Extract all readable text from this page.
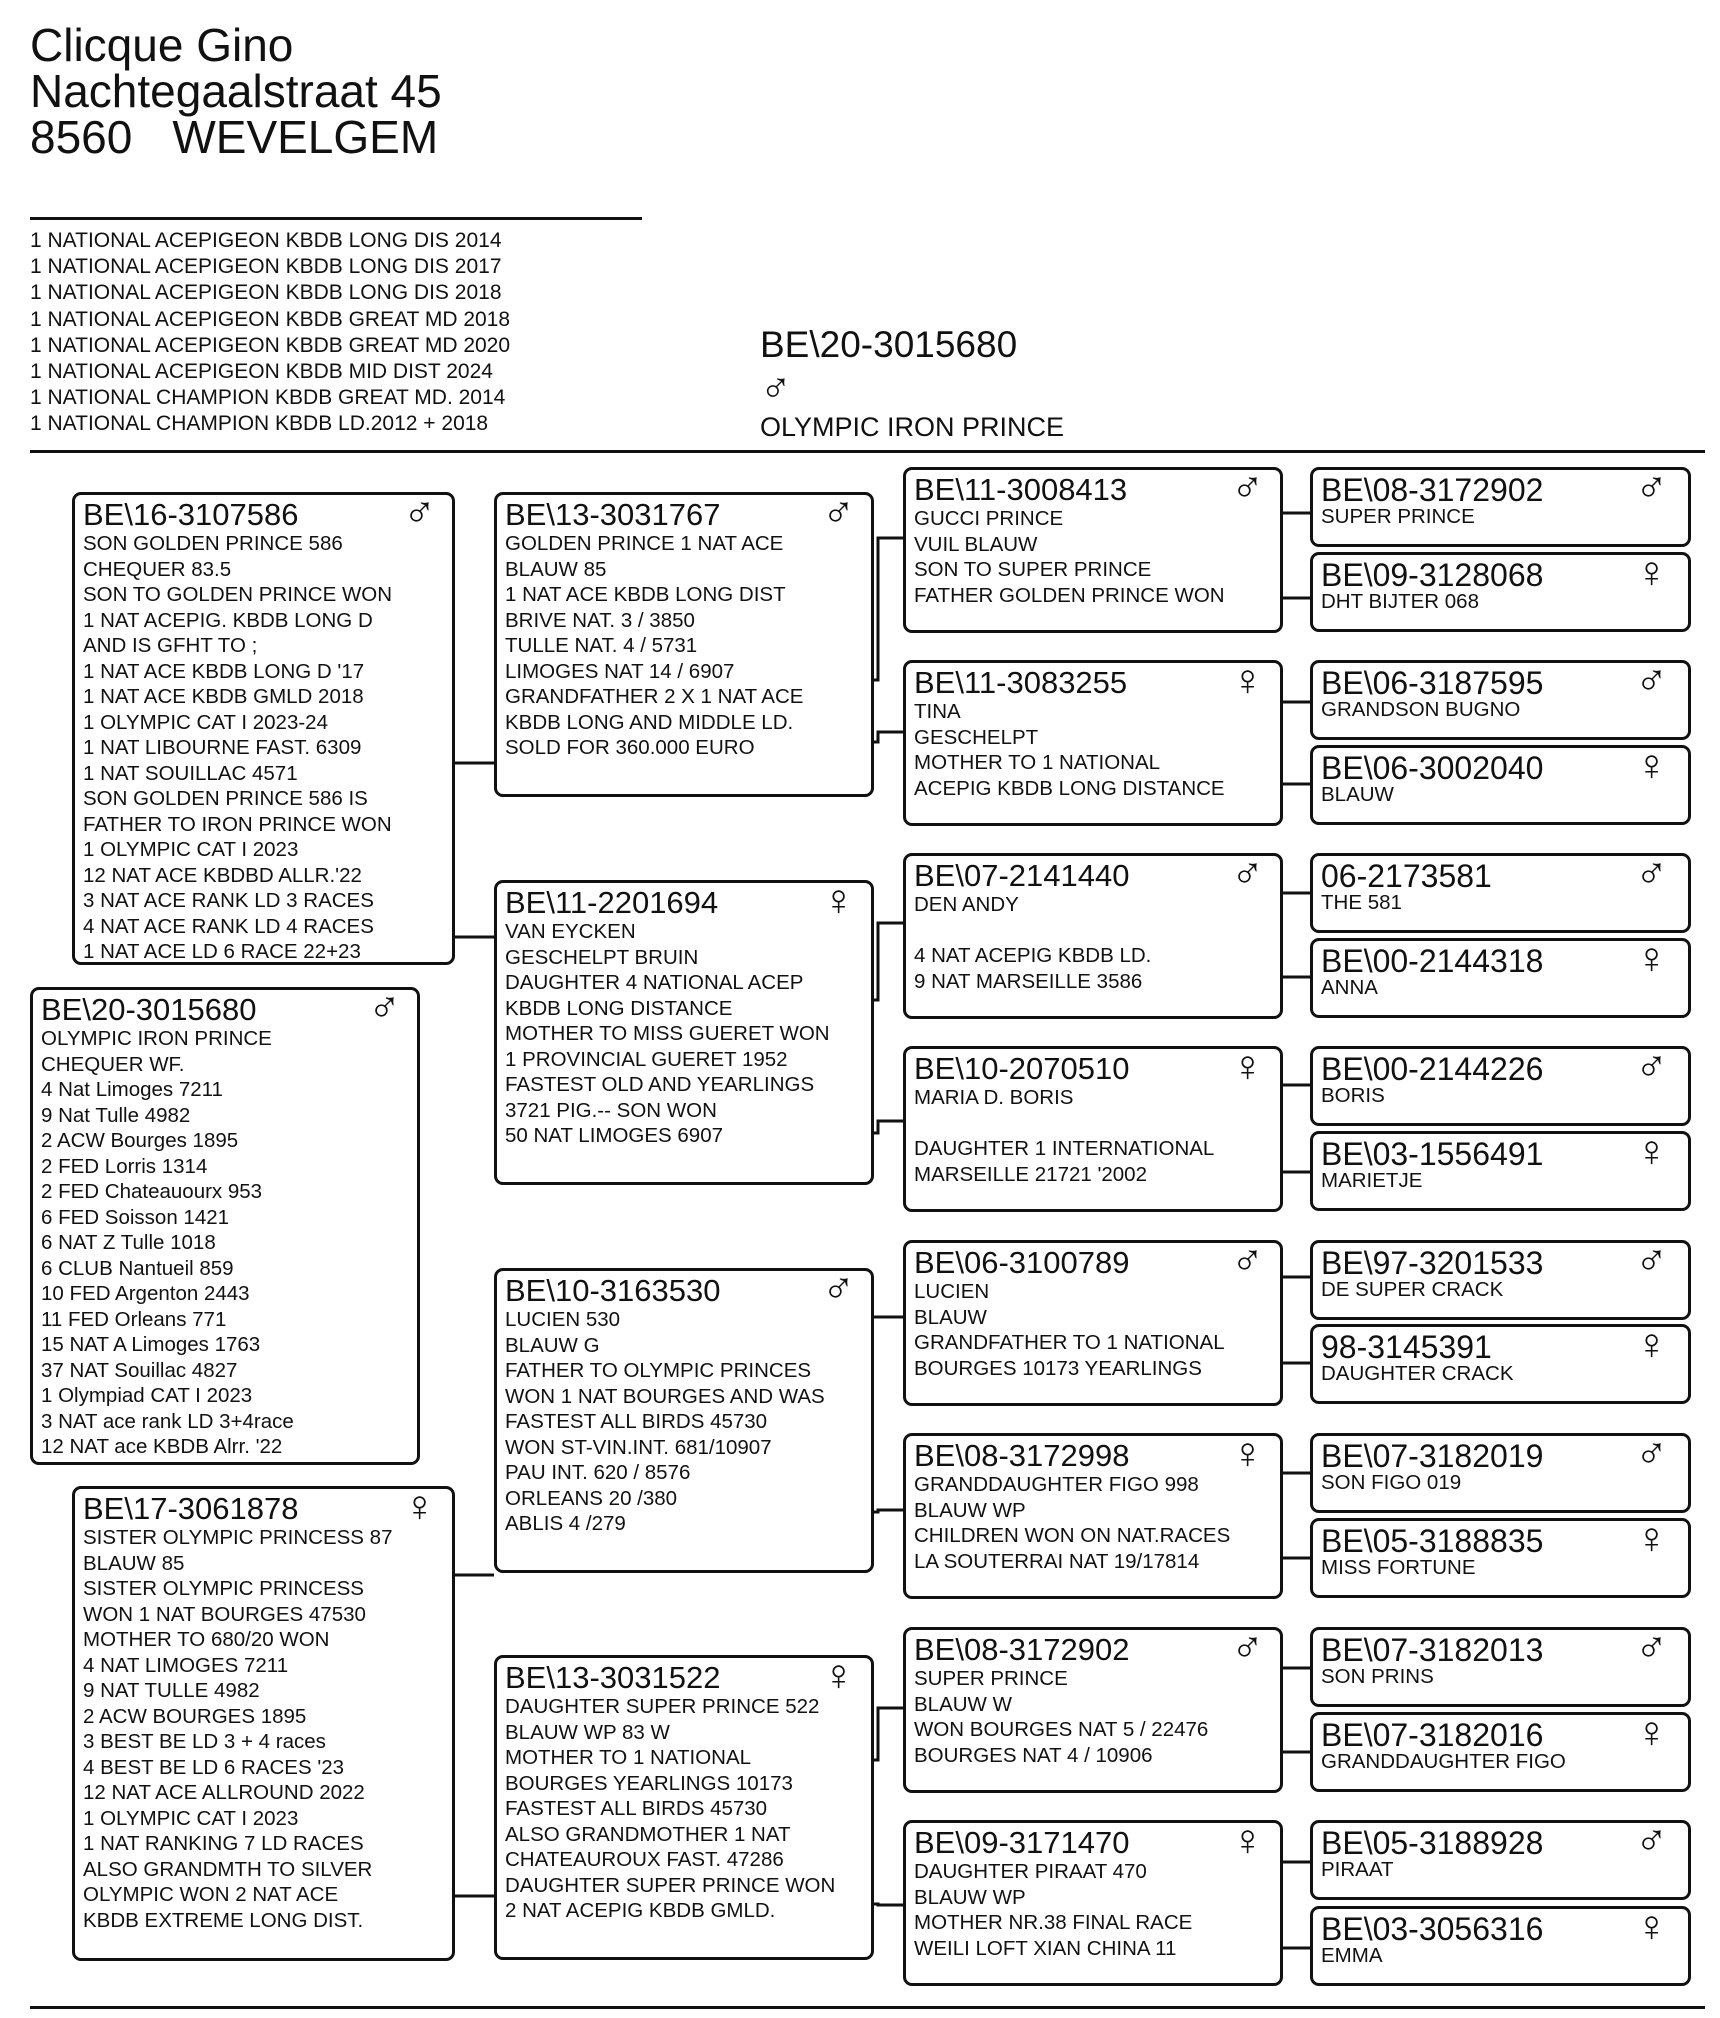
Clicque Gino
Nachtegaalstraat 45
8560 WEVELGEM
1 NATIONAL ACEPIGEON KBDB LONG DIS 2014
1 NATIONAL ACEPIGEON KBDB LONG DIS 2017
1 NATIONAL ACEPIGEON KBDB LONG DIS 2018
1 NATIONAL ACEPIGEON KBDB GREAT MD 2018
1 NATIONAL ACEPIGEON KBDB GREAT MD 2020
1 NATIONAL ACEPIGEON KBDB MID DIST 2024
1 NATIONAL CHAMPION KBDB GREAT MD. 2014
1 NATIONAL CHAMPION KBDB LD.2012 + 2018
BE\20-3015680
♂
OLYMPIC IRON PRINCE
BE\16-3107586 ♂
SON GOLDEN PRINCE 586
CHEQUER 83.5
SON TO GOLDEN PRINCE WON
1 NAT ACEPIG. KBDB LONG D
AND IS GFHT TO ;
1 NAT ACE KBDB LONG D '17
1 NAT ACE KBDB GMLD 2018
1 OLYMPIC CAT I 2023-24
1 NAT LIBOURNE FAST. 6309
1 NAT SOUILLAC 4571
SON GOLDEN PRINCE 586 IS
FATHER TO IRON PRINCE WON
1 OLYMPIC CAT I 2023
12 NAT ACE KBDBD ALLR.'22
3 NAT ACE RANK LD 3 RACES
4 NAT ACE RANK LD 4 RACES
1 NAT ACE LD 6 RACE 22+23
BE\20-3015680	♂
OLYMPIC IRON PRINCE
CHEQUER WF.
4 Nat Limoges 7211
9 Nat Tulle 4982
2 ACW Bourges 1895
2 FED Lorris 1314
2 FED Chateauourx 953
6 FED Soisson 1421
6 NAT Z Tulle 1018
6 CLUB Nantueil 859
10 FED Argenton 2443
11 FED Orleans 771
15 NAT A Limoges 1763
37 NAT Souillac 4827
1 Olympiad CAT I 2023
3 NAT ace rank LD 3+4race
12 NAT ace KBDB Alrr. '22
BE\17-3061878 ♀
SISTER OLYMPIC PRINCESS 87
BLAUW 85
SISTER OLYMPIC PRINCESS
WON 1 NAT BOURGES 47530
MOTHER TO 680/20 WON
4 NAT LIMOGES 7211
9 NAT TULLE 4982
2 ACW BOURGES 1895
3 BEST BE LD 3 + 4 races
4 BEST BE LD 6 RACES '23
12 NAT ACE ALLROUND 2022
1 OLYMPIC CAT I 2023
1 NAT RANKING 7 LD RACES
ALSO GRANDMTH TO SILVER
OLYMPIC WON 2 NAT ACE
KBDB EXTREME LONG DIST.
BE\13-3031767 ♂
GOLDEN PRINCE 1 NAT ACE
BLAUW 85
1 NAT ACE KBDB LONG DIST
BRIVE NAT. 3 / 3850
TULLE NAT. 4 / 5731
LIMOGES NAT 14 / 6907
GRANDFATHER 2 X 1 NAT ACE
KBDB LONG AND MIDDLE LD.
SOLD FOR 360.000 EURO
BE\11-2201694 ♀
VAN EYCKEN
GESCHELPT BRUIN
DAUGHTER 4 NATIONAL ACEP
KBDB LONG DISTANCE
MOTHER TO MISS GUERET WON
1 PROVINCIAL GUERET 1952
FASTEST OLD AND YEARLINGS
3721 PIG.-- SON WON
50 NAT LIMOGES 6907
BE\10-3163530 ♂
LUCIEN 530
BLAUW G
FATHER TO OLYMPIC PRINCES
WON 1 NAT BOURGES AND WAS
FASTEST ALL BIRDS 45730
WON ST-VIN.INT. 681/10907
PAU INT. 620 / 8576
ORLEANS 20 /380
ABLIS 4 /279
BE\13-3031522 ♀
DAUGHTER SUPER PRINCE 522
BLAUW WP 83 W
MOTHER TO 1 NATIONAL
BOURGES YEARLINGS 10173
FASTEST ALL BIRDS 45730
ALSO GRANDMOTHER 1 NAT
CHATEAUROUX FAST. 47286
DAUGHTER SUPER PRINCE WON
2 NAT ACEPIG KBDB GMLD.
BE\11-3008413 ♂
GUCCI PRINCE
VUIL BLAUW
SON TO SUPER PRINCE
FATHER GOLDEN PRINCE WON
BE\11-3083255 ♀
TINA
GESCHELPT
MOTHER TO 1 NATIONAL
ACEPIG KBDB LONG DISTANCE
BE\07-2141440 ♂
DEN ANDY
4 NAT ACEPIG KBDB LD.
9 NAT MARSEILLE 3586
BE\10-2070510 ♀
MARIA D. BORIS
DAUGHTER 1 INTERNATIONAL
MARSEILLE 21721 '2002
BE\06-3100789 ♂
LUCIEN
BLAUW
GRANDFATHER TO 1 NATIONAL
BOURGES 10173 YEARLINGS
BE\08-3172998 ♀
GRANDDAUGHTER FIGO 998
BLAUW WP
CHILDREN WON ON NAT.RACES
LA SOUTERRAI NAT 19/17814
BE\08-3172902 ♂
SUPER PRINCE
BLAUW W
WON BOURGES NAT 5 / 22476
BOURGES NAT 4 / 10906
BE\09-3171470 ♀
DAUGHTER PIRAAT 470
BLAUW WP
MOTHER NR.38 FINAL RACE
WEILI LOFT XIAN CHINA 11
BE\08-3172902 ♂
SUPER PRINCE
BE\09-3128068 ♀
DHT BIJTER 068
BE\06-3187595 ♂
GRANDSON BUGNO
BE\06-3002040 ♀
BLAUW
06-2173581	♂
THE 581
BE\00-2144318 ♀
ANNA
BE\00-2144226 ♂
BORIS
BE\03-1556491 ♀
MARIETJE
BE\97-3201533 ♂
DE SUPER CRACK
98-3145391	♀
DAUGHTER CRACK
BE\07-3182019 ♂
SON FIGO 019
BE\05-3188835 ♀
MISS FORTUNE
BE\07-3182013 ♂
SON PRINS
BE\07-3182016 ♀
GRANDDAUGHTER FIGO
BE\05-3188928 ♂
PIRAAT
BE\03-3056316 ♀
EMMA
